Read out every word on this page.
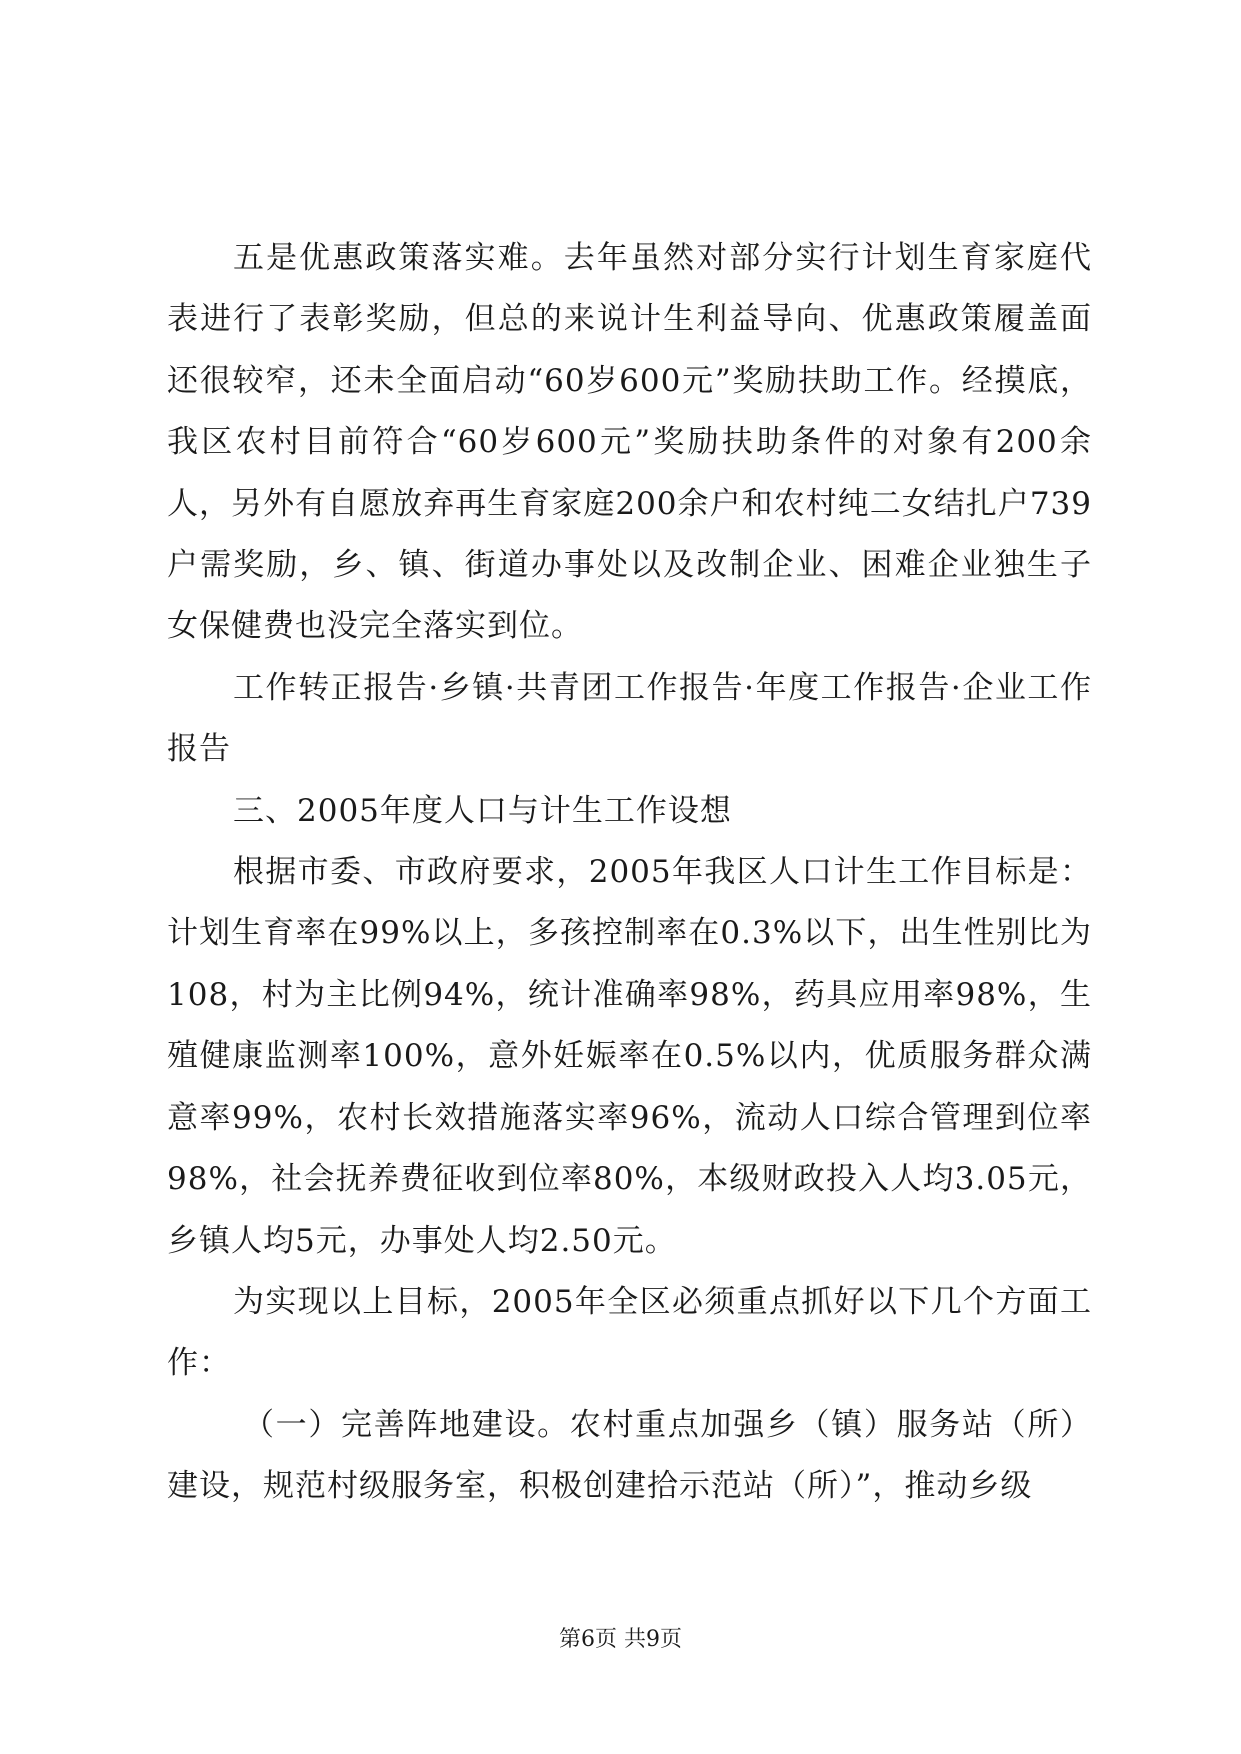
五是优惠政策落实难。去年虽然对部分实行计划生育家庭代表进行了表彰奖励，但总的来说计生利益导向、优惠政策履盖面还很较窄，还未全面启动“60岁600元”奖励扶助工作。经摸底，我区农村目前符合“60岁600元”奖励扶助条件的对象有200余人，另外有自愿放弃再生育家庭200余户和农村纯二女结扎户739户需奖励，乡、镇、街道办事处以及改制企业、困难企业独生子女保健费也没完全落实到位。

工作转正报告·乡镇·共青团工作报告·年度工作报告·企业工作报告

三、2005年度人口与计生工作设想

根据市委、市政府要求，2005年我区人口计生工作目标是：计划生育率在99%以上，多孩控制率在0.3%以下，出生性别比为108，村为主比例94%，统计准确率98%，药具应用率98%，生殖健康监测率100%，意外妊娠率在0.5%以内，优质服务群众满意率99%，农村长效措施落实率96%，流动人口综合管理到位率98%，社会抚养费征收到位率80%，本级财政投入人均3.05元，乡镇人均5元，办事处人均2.50元。

为实现以上目标，2005年全区必须重点抓好以下几个方面工作：

（一）完善阵地建设。农村重点加强乡（镇）服务站（所）建设，规范村级服务室，积极创建拾示范站（所）”，推动乡级

第6页 共9页
